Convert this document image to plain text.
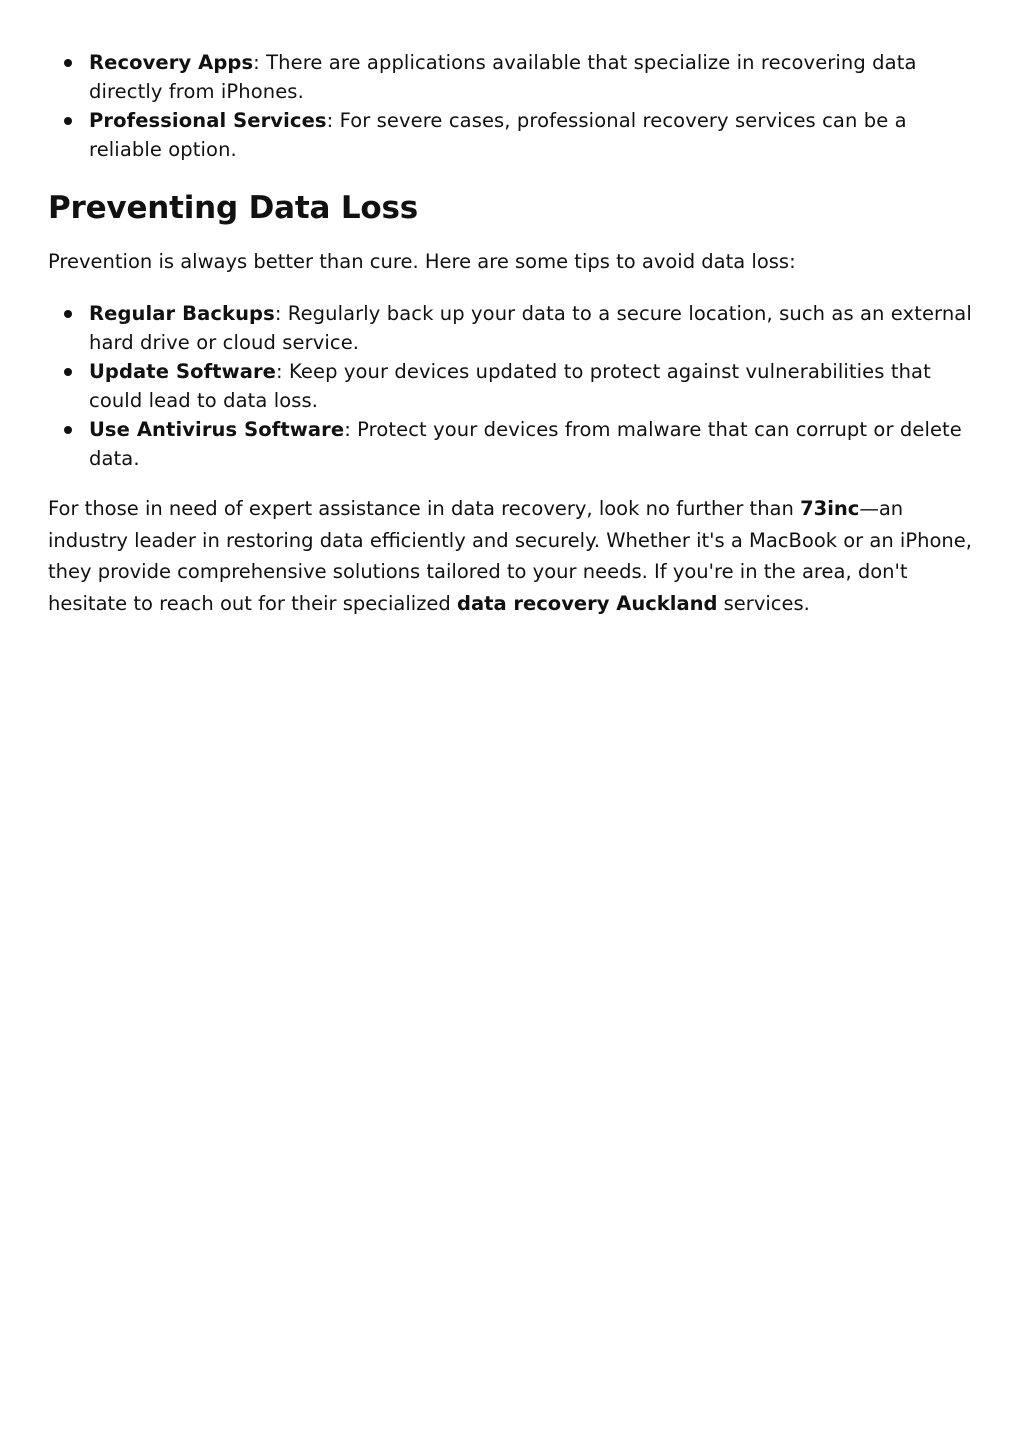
Recovery Apps: There are applications available that specialize in recovering data directly from iPhones.
Professional Services: For severe cases, professional recovery services can be a reliable option.
Preventing Data Loss

Prevention is always better than cure. Here are some tips to avoid data loss:

Regular Backups: Regularly back up your data to a secure location, such as an external hard drive or cloud service.
Update Software: Keep your devices updated to protect against vulnerabilities that could lead to data loss.
Use Antivirus Software: Protect your devices from malware that can corrupt or delete data.

For those in need of expert assistance in data recovery, look no further than 73inc—an industry leader in restoring data efficiently and securely. Whether it's a MacBook or an iPhone, they provide comprehensive solutions tailored to your needs. If you're in the area, don't hesitate to reach out for their specialized data recovery Auckland services.
